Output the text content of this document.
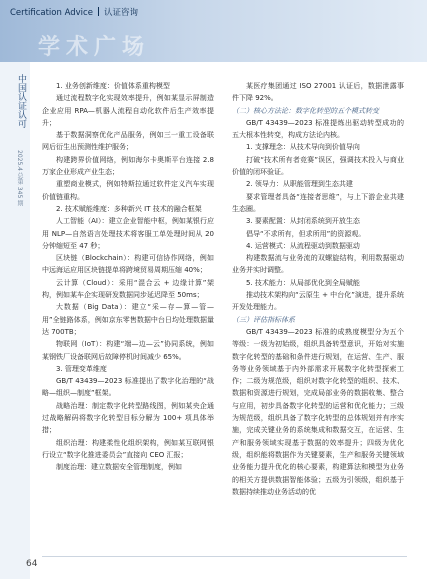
Certification Advice 认证咨询
学术广场
中国认证认可
2025.4 总第 345 期

1. 业务创新维度：价值体系重构模型

通过流程数字化实现效率提升，例如某显示屏制造企业应用 RPA—机器人流程自动化软件后生产效率提升；

基于数据洞察优化产品服务，例如三一重工设备联网后衍生出预测性维护服务；

构建跨界价值网络，例如海尔卡奥斯平台连接 2.8 万家企业形成产业生态；

重塑商业模式，例如特斯拉通过软件定义汽车实现价值链重构。

2. 技术赋能维度：多种新兴 IT 技术的融合框架

人工智能（AI）：建立企业智能中枢，例如某银行应用 NLP—自然语言处理技术将客服工单处理时间从 20 分钟缩短至 47 秒；

区块链（Blockchain）：构建可信协作网络，例如中远海运应用区块链提单将跨境贸易周期压缩 40%；

云计算（Cloud）：采用“混合云 + 边缘计算”架构，例如某车企实现研发数据同步延迟降至 50ms；

大数据（Big Data）：建立“采—存—算—管—用”全链路体系，例如京东零售数据中台日均处理数据量达 700TB；

物联网（IoT）：构建“端—边—云”协同系统，例如某钢铁厂设备联网后故障停机时间减少 65%。

3. 管理变革维度

GB/T 43439—2023 标准提出了数字化治理的“战略—组织—制度”框架。

战略治理：制定数字化转型路线图，例如某央企通过战略解码将数字化转型目标分解为 100+ 项具体举措；

组织治理：构建柔性化组织架构，例如某互联网银行设立“数字化推进委员会”直接向 CEO 汇报；

制度治理：建立数据安全管理制度，例如

某医疗集团通过 ISO 27001 认证后，数据泄露事件下降 92%。

（二）核心方法论：数字化转型的五个模式转变

GB/T 43439—2023 标准提炼出驱动转型成功的五大根本性转变，构成方法论内核。

1. 支撑理念：从技术导向到价值导向

打破“技术所有者竞赛”误区，强调技术投入与商业价值的闭环验证。

2. 领导力：从职能管理到生态共建

要求管理者具备“连接者思维”，与上下游企业共建生态圈。

3. 要素配置：从封闭系统到开放生态

倡导“不求所有，但求所用”的资源观。

4. 运营模式：从流程驱动到数据驱动

构建数据流与业务流的双螺旋结构，利用数据驱动业务并实时调整。

5. 技术能力：从局部优化到全局赋能

推动技术架构向“云原生 + 中台化”演进，提升系统开发处理能力。

（三）评估指标体系

GB/T 43439—2023 标准的成熟度模型分为五个等级：一级为初始级，组织具备转型意识，开始对实施数字化转型的基础和条件进行规划，在运营、生产、服务等业务领域基于内外部需求开展数字化转型探索工作；二级为规范级，组织对数字化转型的组织、技术、数据和资源进行规划，完成局部业务的数据收集、整合与应用，初步具备数字化转型的运营和优化能力；三级为规范级，组织具备了数字化转型的总体规划并有序实施，完成关键业务的系统集成和数据交互，在运营、生产和服务领域实现基于数据的效率提升；四级为优化级，组织能将数据作为关键要素，生产和服务关键领域业务能力提升优化的核心要素，构建算法和模型为业务的相关方提供数据智能体验；五级为引领级，组织基于数据持续推动业务活动的优

64
